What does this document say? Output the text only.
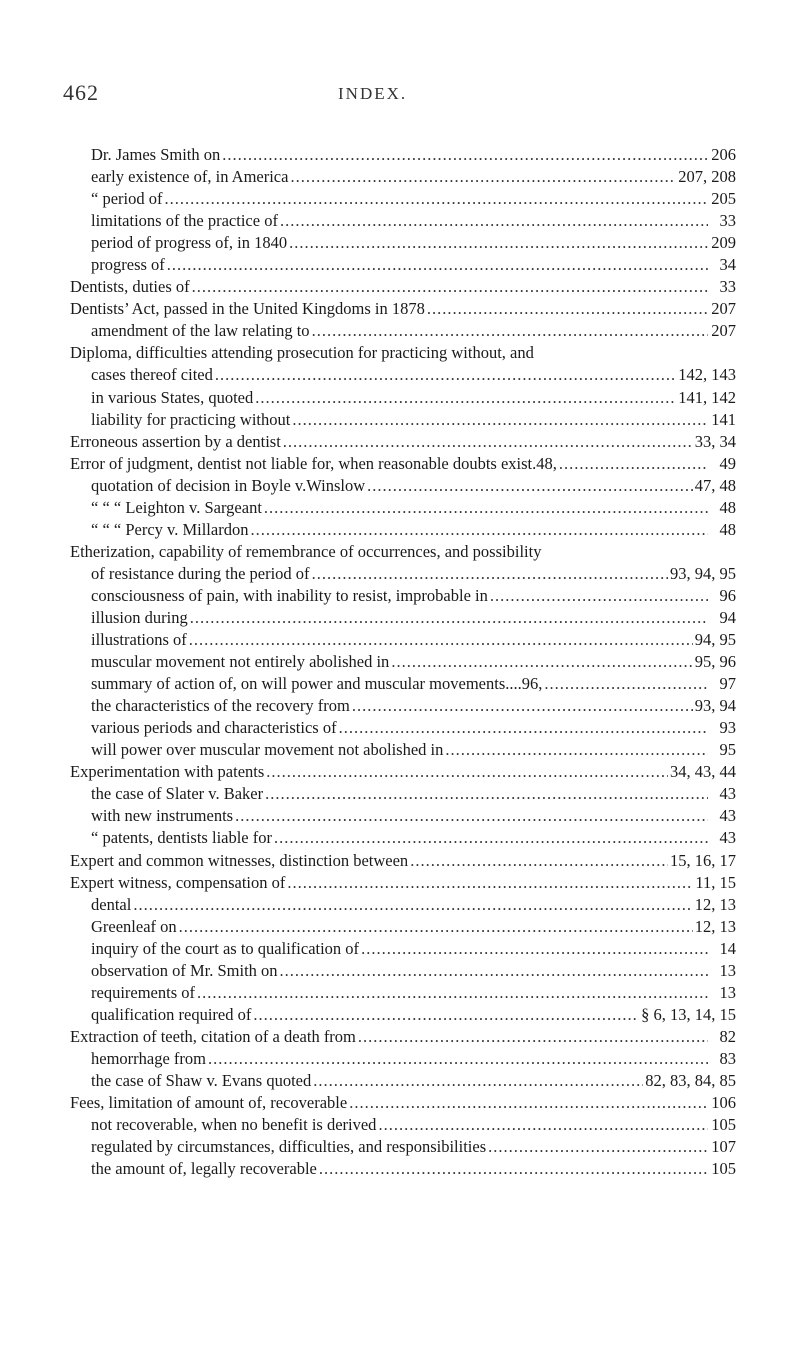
462	INDEX.
Dr. James Smith on .....	206
early existence of, in America .....	207, 208
“ period of .....	205
limitations of the practice of .....	33
period of progress of, in 1840 .....	209
progress of .....	34
Dentists, duties of .....	33
Dentists’ Act, passed in the United Kingdoms in 1878 .....	207
amendment of the law relating to .....	207
Diploma, difficulties attending prosecution for practicing without, and
cases thereof cited .....	142, 143
in various States, quoted .....	141, 142
liability for practicing without .....	141
Erroneous assertion by a dentist .....	33, 34
Error of judgment, dentist not liable for, when reasonable doubts exist.48, .....	49
quotation of decision in Boyle v.Winslow .....	47, 48
“ “ “ Leighton v. Sargeant .....	48
“ “ “ Percy v. Millardon .....	48
Etherization, capability of remembrance of occurrences, and possibility
of resistance during the period of .....	93, 94, 95
consciousness of pain, with inability to resist, improbable in .....	96
illusion during .....	94
illustrations of .....	94, 95
muscular movement not entirely abolished in .....	95, 96
summary of action of, on will power and muscular movements....96, .....	97
the characteristics of the recovery from .....	93, 94
various periods and characteristics of .....	93
will power over muscular movement not abolished in .....	95
Experimentation with patents .....	34, 43, 44
the case of Slater v. Baker .....	43
with new instruments .....	43
“ patents, dentists liable for .....	43
Expert and common witnesses, distinction between .....	15, 16, 17
Expert witness, compensation of .....	11, 15
dental .....	12, 13
Greenleaf on .....	12, 13
inquiry of the court as to qualification of .....	14
observation of Mr. Smith on .....	13
requirements of .....	13
qualification required of .....	§ 6, 13, 14, 15
Extraction of teeth, citation of a death from .....	82
hemorrhage from .....	83
the case of Shaw v. Evans quoted .....	82, 83, 84, 85
Fees, limitation of amount of, recoverable .....	106
not recoverable, when no benefit is derived .....	105
regulated by circumstances, difficulties, and responsibilities .....	107
the amount of, legally recoverable .....	105
